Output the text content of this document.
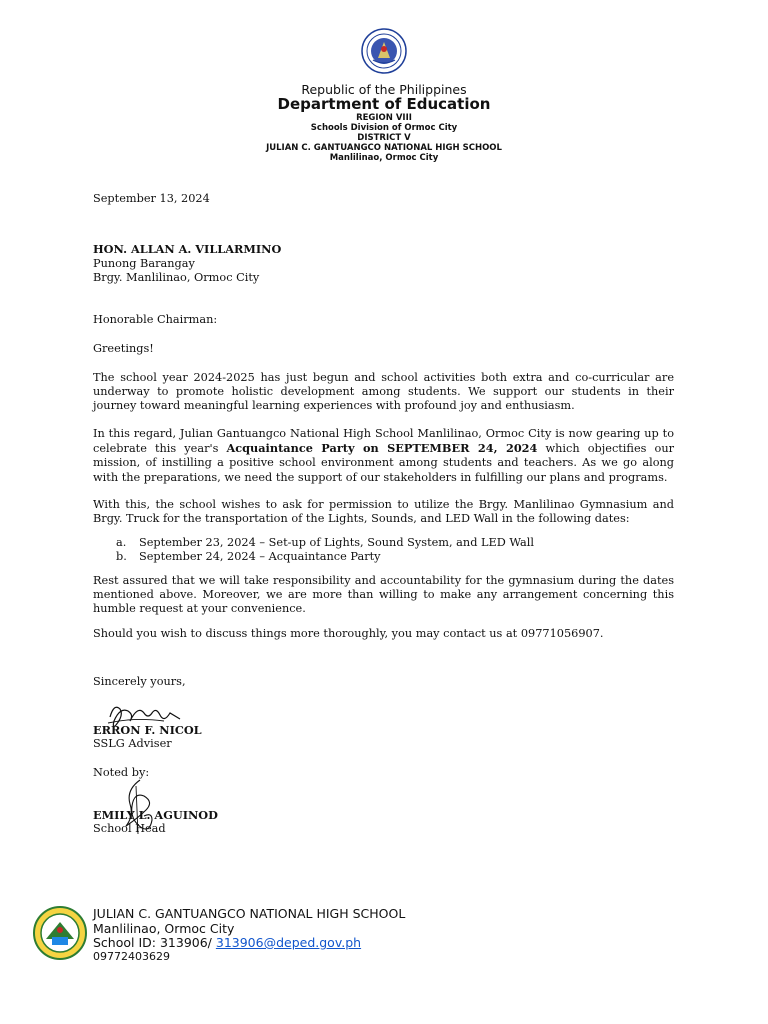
Republic of the Philippines
Department of Education
REGION VIII
Schools Division of Ormoc City
DISTRICT V
JULIAN C. GANTUANGCO NATIONAL HIGH SCHOOL
Manlilinao, Ormoc City
September 13, 2024
HON. ALLAN A. VILLARMINO
Punong Barangay
Brgy. Manlilinao, Ormoc City
Honorable Chairman:
Greetings!
The school year 2024-2025 has just begun and school activities both extra and co-curricular are underway to promote holistic development among students. We support our students in their journey toward meaningful learning experiences with profound joy and enthusiasm.
In this regard, Julian Gantuangco National High School Manlilinao, Ormoc City is now gearing up to celebrate this year's Acquaintance Party on SEPTEMBER 24, 2024 which objectifies our mission, of instilling a positive school environment among students and teachers. As we go along with the preparations, we need the support of our stakeholders in fulfilling our plans and programs.
With this, the school wishes to ask for permission to utilize the Brgy. Manlilinao Gymnasium and Brgy. Truck for the transportation of the Lights, Sounds, and LED Wall in the following dates:
a. September 23, 2024 – Set-up of Lights, Sound System, and LED Wall
b. September 24, 2024 – Acquaintance Party
Rest assured that we will take responsibility and accountability for the gymnasium during the dates mentioned above. Moreover, we are more than willing to make any arrangement concerning this humble request at your convenience.
Should you wish to discuss things more thoroughly, you may contact us at 09771056907.
Sincerely yours,
ERRON F. NICOL
SSLG Adviser
Noted by:
EMILY L. AGUINOD
School Head
JULIAN C. GANTUANGCO NATIONAL HIGH SCHOOL
Manlilinao, Ormoc City
School ID: 313906/ 313906@deped.gov.ph
09772403629
